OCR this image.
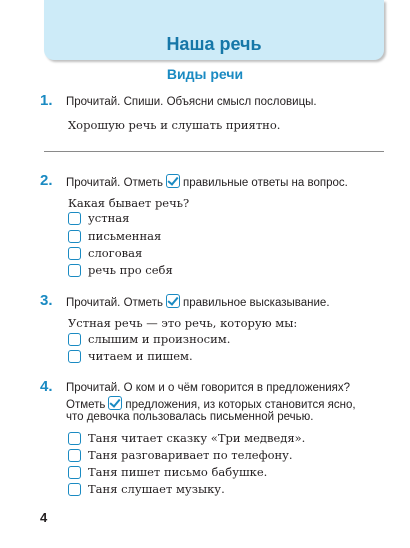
Наша речь
Виды речи
1. Прочитай. Спиши. Объясни смысл пословицы.
Хорошую речь и слушать приятно.
2. Прочитай. Отметь правильные ответы на вопрос.
Какая бывает речь?
устная
письменная
слоговая
речь про себя
3. Прочитай. Отметь правильное высказывание.
Устная речь — это речь, которую мы:
слышим и произносим.
читаем и пишем.
4. Прочитай. О ком и о чём говорится в предложениях?
Отметь предложения, из которых становится ясно,
что девочка пользовалась письменной речью.
Таня читает сказку «Три медведя».
Таня разговаривает по телефону.
Таня пишет письмо бабушке.
Таня слушает музыку.
4
